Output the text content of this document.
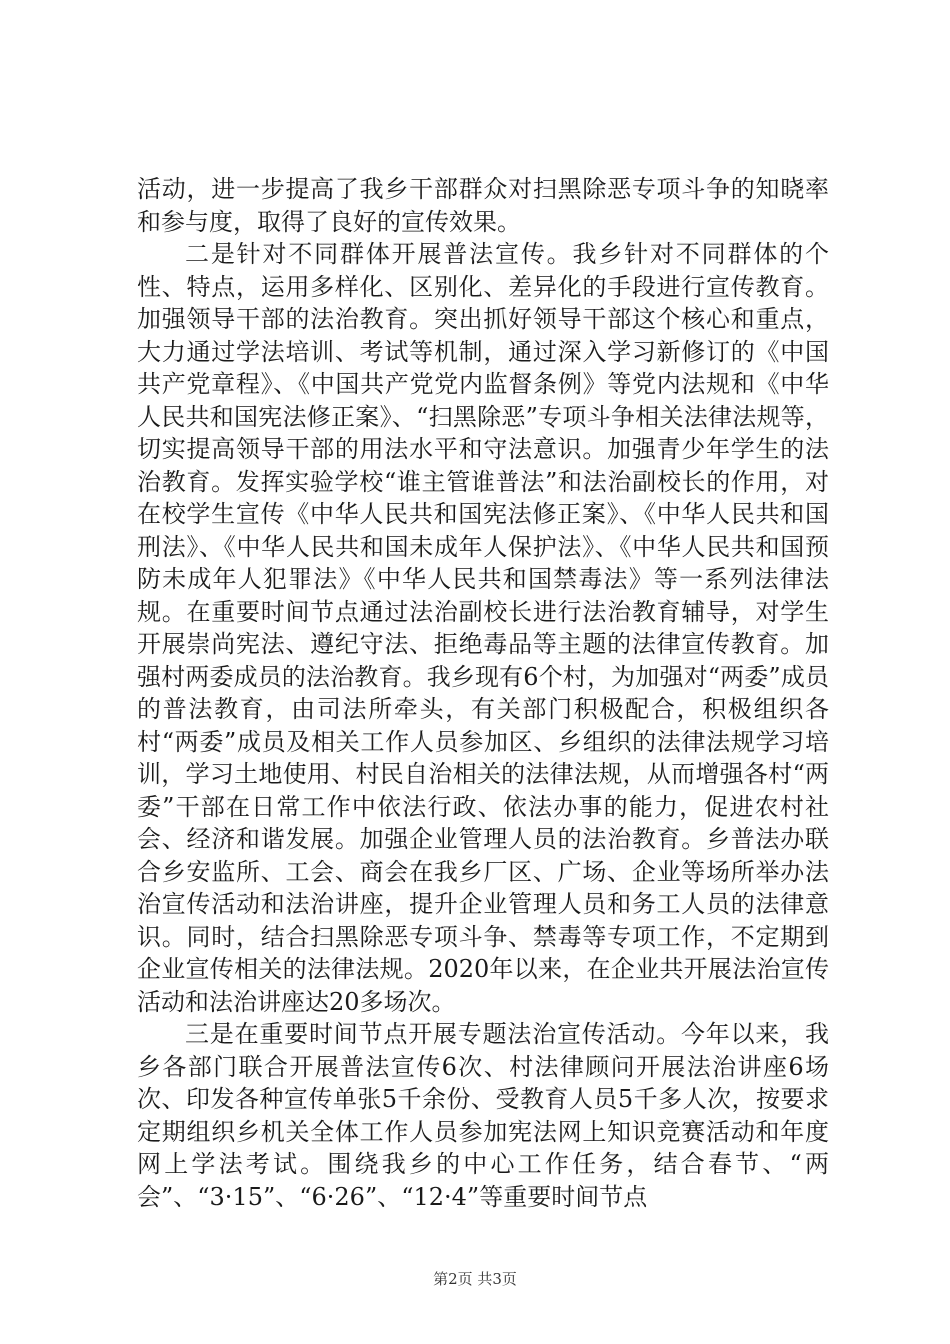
活动，进一步提高了我乡干部群众对扫黑除恶专项斗争的知晓率和参与度，取得了良好的宣传效果。

二是针对不同群体开展普法宣传。我乡针对不同群体的个性、特点，运用多样化、区别化、差异化的手段进行宣传教育。加强领导干部的法治教育。突出抓好领导干部这个核心和重点，大力通过学法培训、考试等机制，通过深入学习新修订的《中国共产党章程》、《中国共产党党内监督条例》等党内法规和《中华人民共和国宪法修正案》、“扫黑除恶”专项斗争相关法律法规等，切实提高领导干部的用法水平和守法意识。加强青少年学生的法治教育。发挥实验学校“谁主管谁普法”和法治副校长的作用，对在校学生宣传《中华人民共和国宪法修正案》、《中华人民共和国刑法》、《中华人民共和国未成年人保护法》、《中华人民共和国预防未成年人犯罪法》《中华人民共和国禁毒法》等一系列法律法规。在重要时间节点通过法治副校长进行法治教育辅导，对学生开展崇尚宪法、遵纪守法、拒绝毒品等主题的法律宣传教育。加强村两委成员的法治教育。我乡现有6个村，为加强对“两委”成员的普法教育，由司法所牵头，有关部门积极配合，积极组织各村“两委”成员及相关工作人员参加区、乡组织的法律法规学习培训，学习土地使用、村民自治相关的法律法规，从而增强各村“两委”干部在日常工作中依法行政、依法办事的能力，促进农村社会、经济和谐发展。加强企业管理人员的法治教育。乡普法办联合乡安监所、工会、商会在我乡厂区、广场、企业等场所举办法治宣传活动和法治讲座，提升企业管理人员和务工人员的法律意识。同时，结合扫黑除恶专项斗争、禁毒等专项工作，不定期到企业宣传相关的法律法规。2020年以来，在企业共开展法治宣传活动和法治讲座达20多场次。

三是在重要时间节点开展专题法治宣传活动。今年以来，我乡各部门联合开展普法宣传6次、村法律顾问开展法治讲座6场次、印发各种宣传单张5千余份、受教育人员5千多人次，按要求定期组织乡机关全体工作人员参加宪法网上知识竞赛活动和年度网上学法考试。围绕我乡的中心工作任务，结合春节、“两会”、“3·15”、“6·26”、“12·4”等重要时间节点

第2页 共3页
